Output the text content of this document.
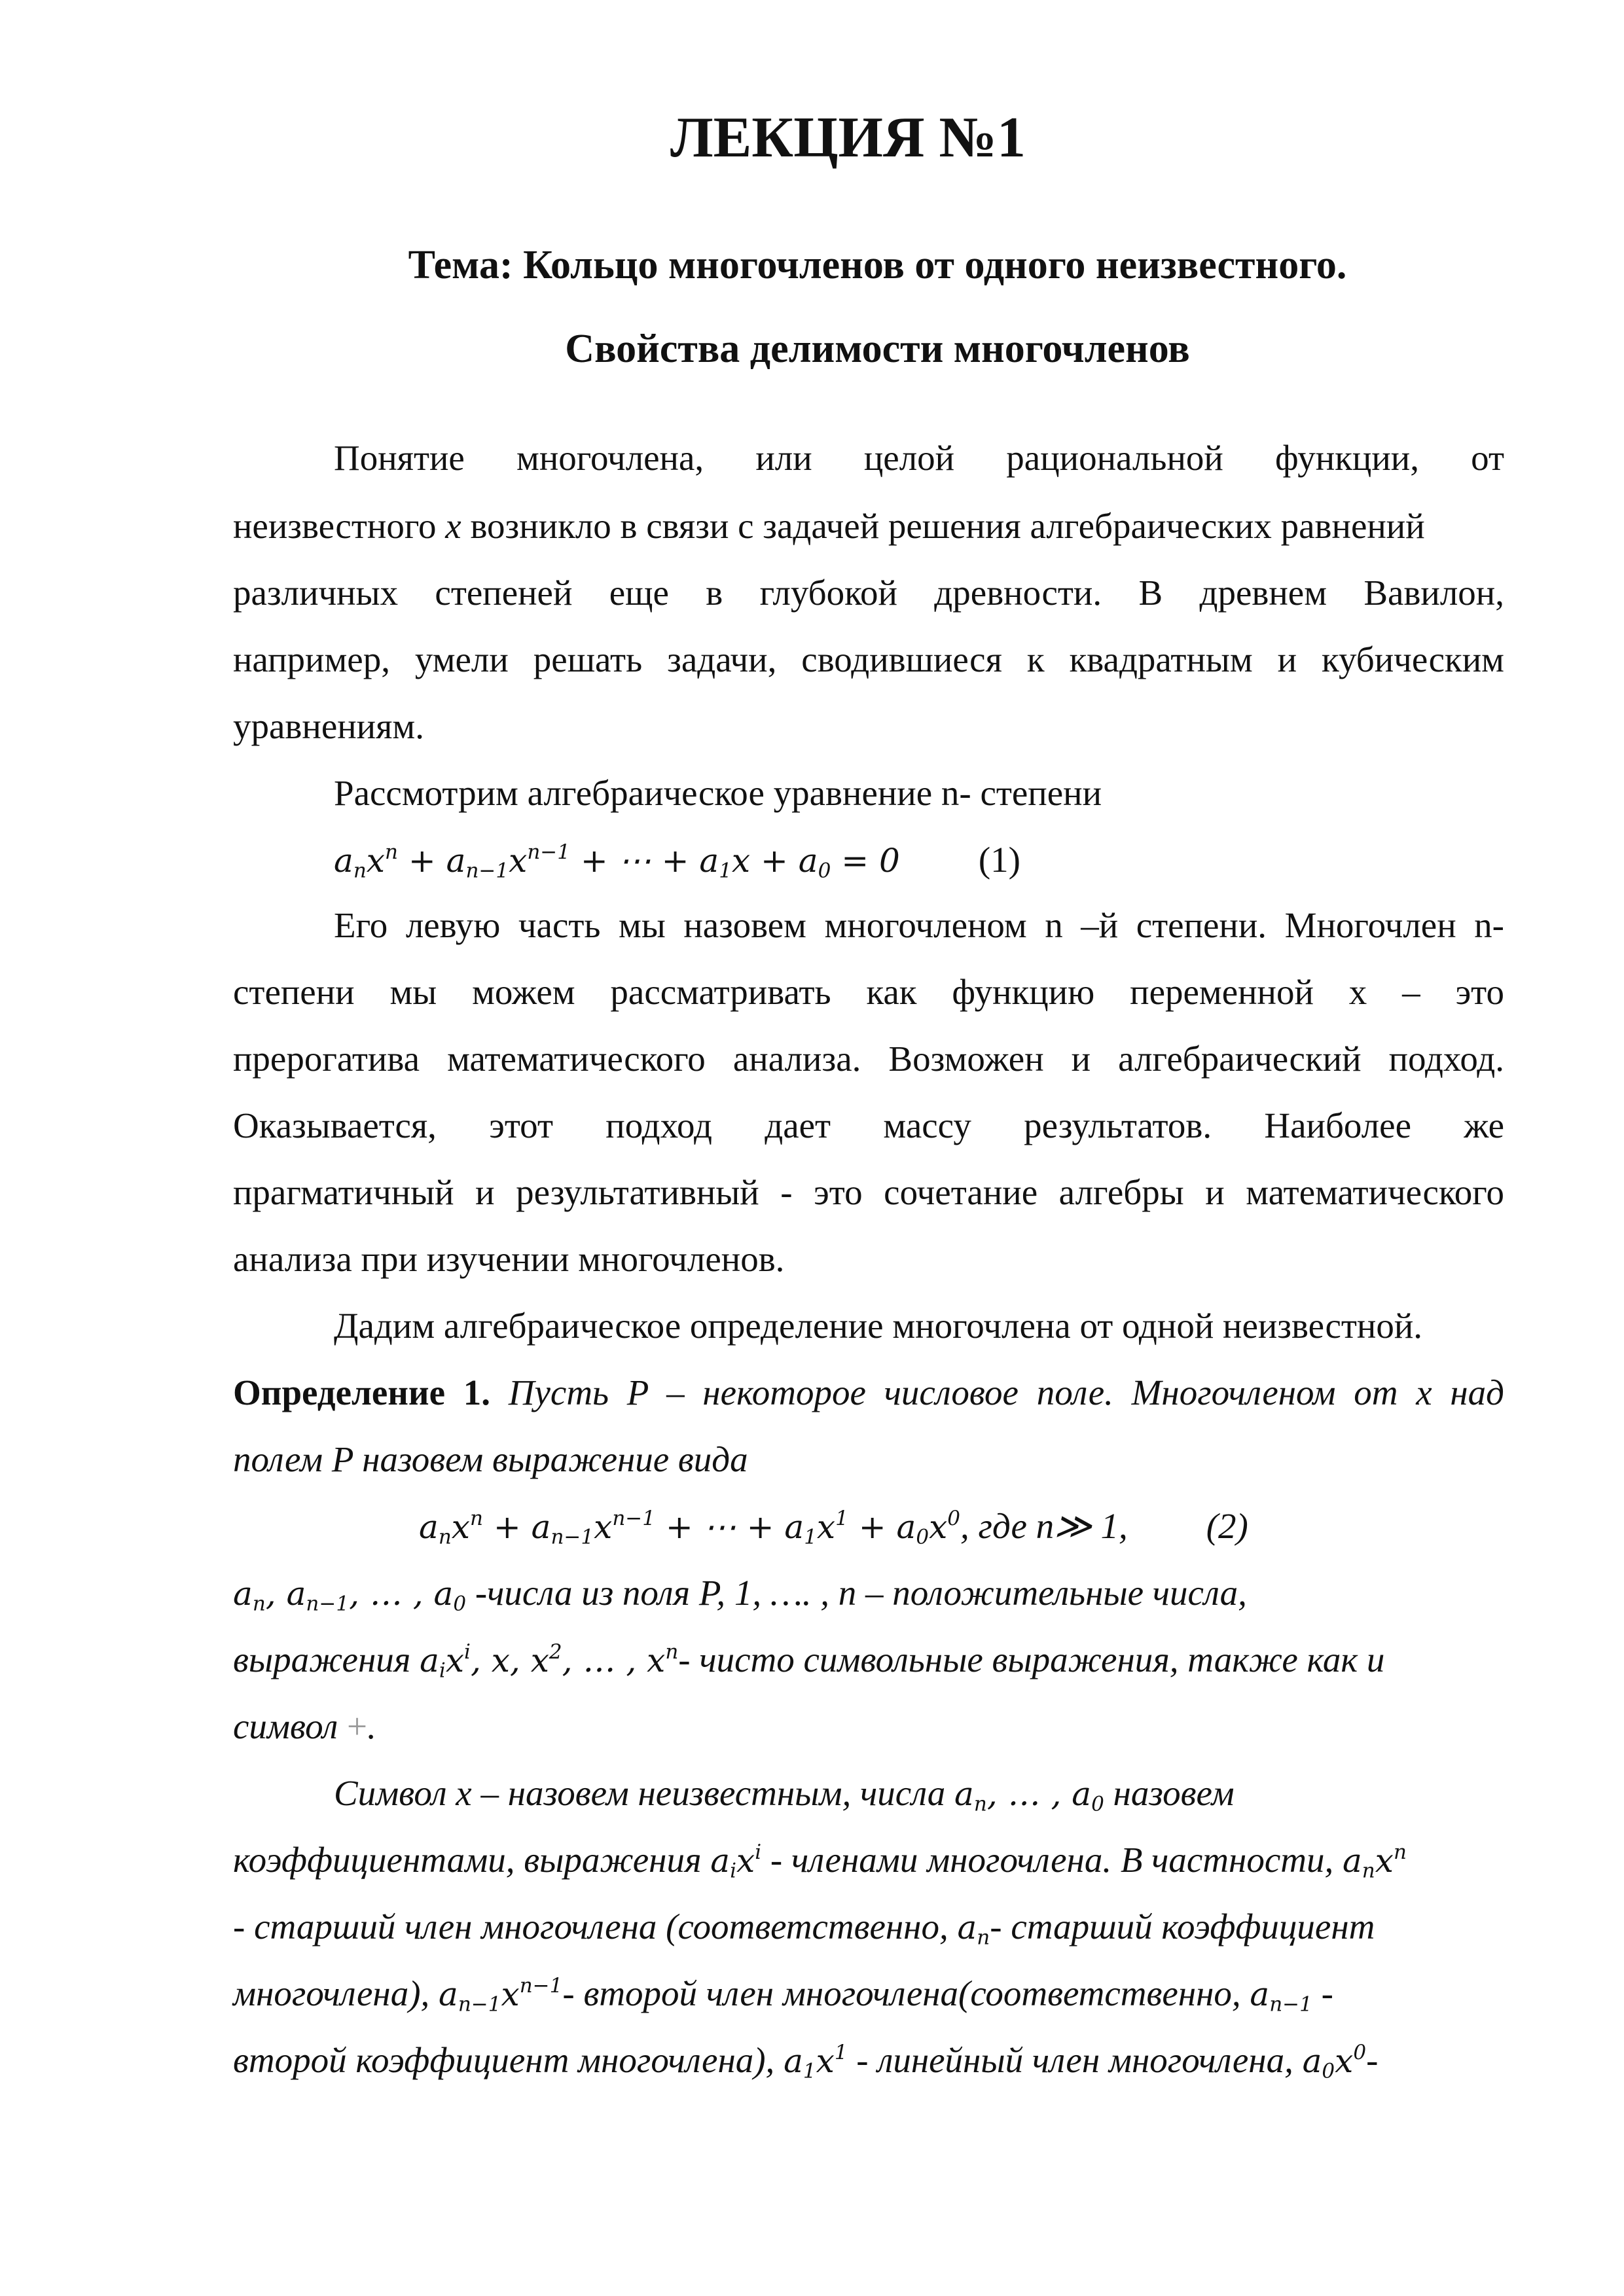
ЛЕКЦИЯ №1
Тема: Кольцо многочленов от одного неизвестного.
Свойства делимости многочленов
Понятие многочлена, или целой рациональной функции, от
неизвестного x возникло в связи с задачей решения алгебраических равнений
различных степеней еще в глубокой древности. В древнем Вавилон,
например, умели решать задачи, сводившиеся к квадратным и кубическим
уравнениям.
Рассмотрим алгебраическое уравнение n- степени
$a_nx^n + a_{n-1}x^{n-1}$ + ⋯ + $a_1x + a_0 = 0$ (1)
Его левую часть мы назовем многочленом n –й степени. Многочлен n-
степени мы можем рассматривать как функцию переменной x – это
прерогатива математического анализа. Возможен и алгебраический подход.
Оказывается, этот подход дает массу результатов. Наиболее же
прагматичный и результативный - это сочетание алгебры и математического
анализа при изучении многочленов.
Дадим алгебраическое определение многочлена от одной неизвестной.
Определение 1. Пусть P – некоторое числовое поле. Многочленом от x над
полем P назовем выражение вида
$a_nx^n + a_{n-1}x^{n-1}$ + ⋯ + $a_1x^1 + a_0x^0$, где n≫ 1, (2)
$a_n$, $a_{n-1}$, … , $a_0$ -числа из поля P, 1, …. , n – положительные числа,
выражения $a_ix^i$, x, $x^2$, … , $x^n-$ чисто символьные выражения, также как и
символ +.
Символ x – назовем неизвестным, числа $a_n$, … , $a_0$ назовем
коэффициентами, выражения $a_ix^i$ - членами многочлена. В частности, $a_nx^n$
- старший член многочлена (соответственно, $a_n-$ старший коэффициент
многочлена), $a_{n-1}x^{n-1}-$ второй член многочлена(соответственно, $a_{n-1}$ -
второй коэффициент многочлена), $a_1x^1$ - линейный член многочлена, $a_0x^0-$
